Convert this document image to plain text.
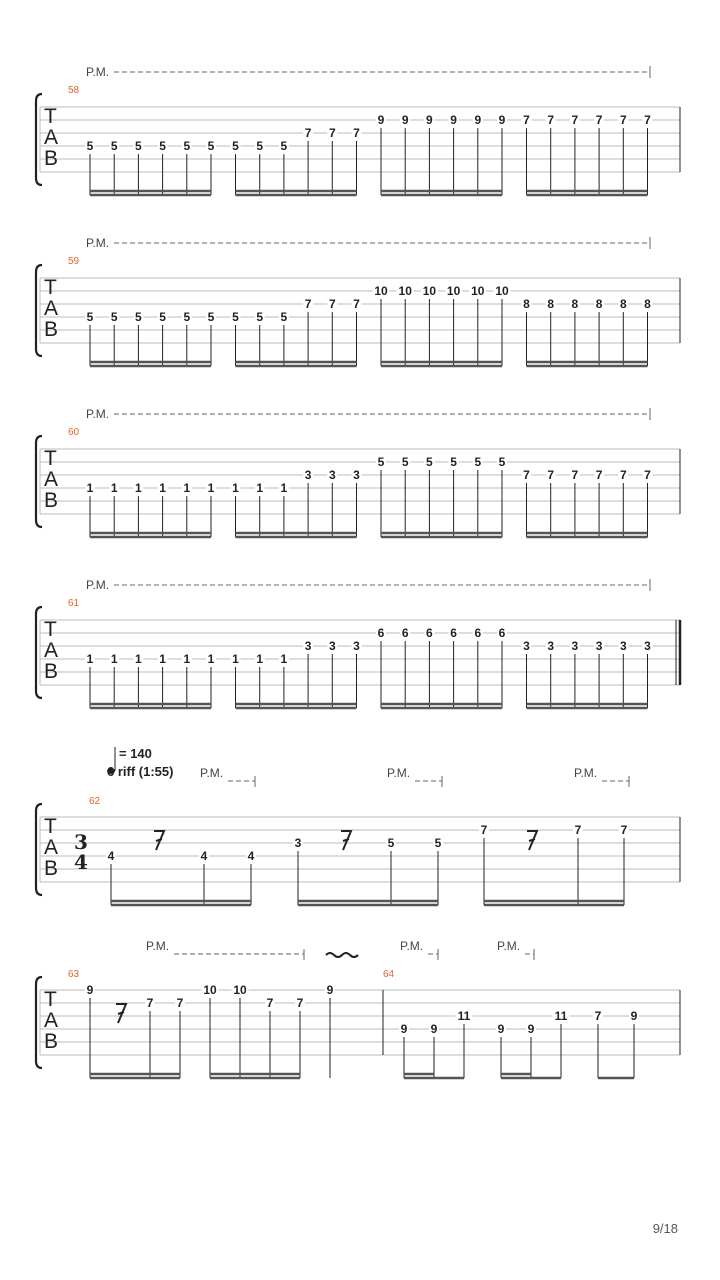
P.M.
T
A
B
58
5 5 5 5 5 5 5 5 5
7 7 7
9 9 9 9 9 9 7 7 7 7 7 7
P.M.
T
A
B
59
5 5 5 5 5 5 5 5 5
7 7 7
10 10 10 10 10 10
8 8 8 8 8 8
P.M.
T
A
B
60
1 1 1 1 1 1 1 1 1
3 3 3
5 5 5 5 5 5
7 7 7 7 7 7
P.M.
T
A
B
61
1 1 1 1 1 1 1 1 1
3 3 3
6 6 6 6 6 6
3 3 3 3 3 3
= 140
6 riff (1:55) P.M.	P.M.	P.M.
T
A
B
62
3
4 4	4	4
3	5	5
7	7	7
P.M.	P.M.	P.M.
T
A
B
63	64
9
7 7
10 10
7 7
9
9 9
11
9 9
11 7 9
9/18
